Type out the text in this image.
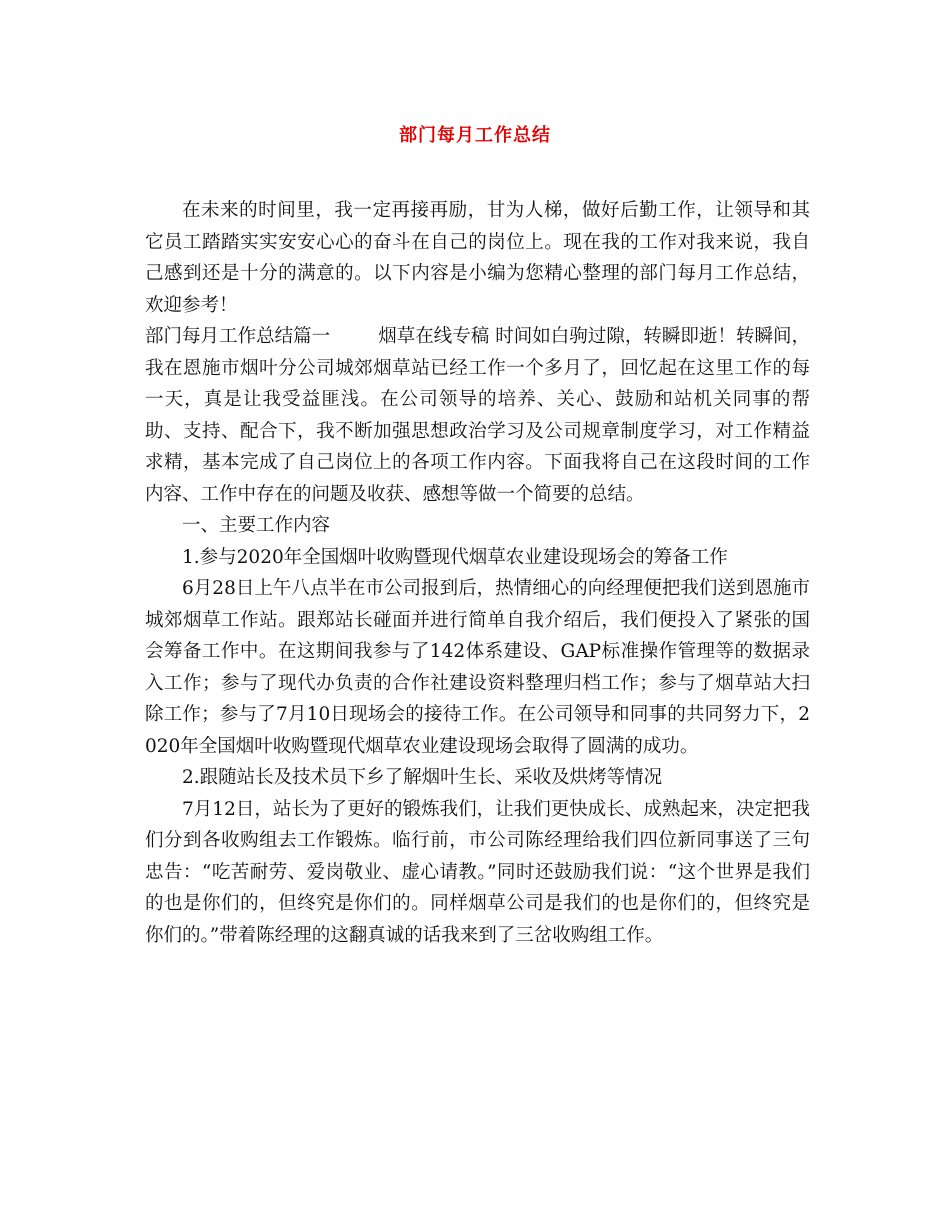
部门每月工作总结

在未来的时间里，我一定再接再励，甘为人梯，做好后勤工作，让领导和其它员工踏踏实实安安心心的奋斗在自己的岗位上。现在我的工作对我来说，我自己感到还是十分的满意的。以下内容是小编为您精心整理的部门每月工作总结，欢迎参考！

部门每月工作总结篇一	烟草在线专稿 时间如白驹过隙，转瞬即逝！转瞬间，我在恩施市烟叶分公司城郊烟草站已经工作一个多月了，回忆起在这里工作的每一天，真是让我受益匪浅。在公司领导的培养、关心、鼓励和站机关同事的帮助、支持、配合下，我不断加强思想政治学习及公司规章制度学习，对工作精益求精，基本完成了自己岗位上的各项工作内容。下面我将自己在这段时间的工作内容、工作中存在的问题及收获、感想等做一个简要的总结。

一、主要工作内容

1.参与2020年全国烟叶收购暨现代烟草农业建设现场会的筹备工作

6月28日上午八点半在市公司报到后，热情细心的向经理便把我们送到恩施市城郊烟草工作站。跟郑站长碰面并进行简单自我介绍后，我们便投入了紧张的国会筹备工作中。在这期间我参与了142体系建设、GAP标准操作管理等的数据录入工作；参与了现代办负责的合作社建设资料整理归档工作；参与了烟草站大扫除工作；参与了7月10日现场会的接待工作。在公司领导和同事的共同努力下，2020年全国烟叶收购暨现代烟草农业建设现场会取得了圆满的成功。

2.跟随站长及技术员下乡了解烟叶生长、采收及烘烤等情况

7月12日，站长为了更好的锻炼我们，让我们更快成长、成熟起来，决定把我们分到各收购组去工作锻炼。临行前，市公司陈经理给我们四位新同事送了三句忠告：“吃苦耐劳、爱岗敬业、虚心请教。”同时还鼓励我们说：“这个世界是我们的也是你们的，但终究是你们的。同样烟草公司是我们的也是你们的，但终究是你们的。”带着陈经理的这翻真诚的话我来到了三岔收购组工作。
